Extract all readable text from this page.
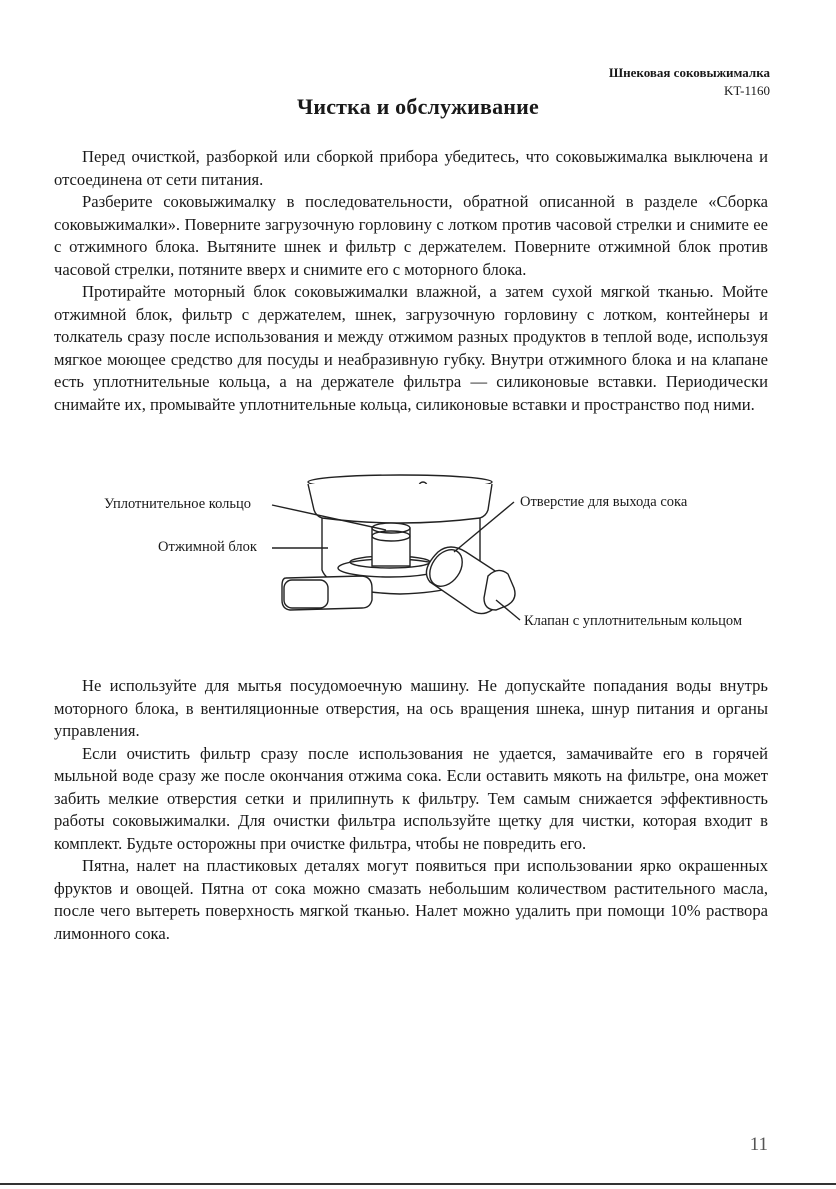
Шнековая соковыжималка
KT-1160
Чистка и обслуживание

Перед очисткой, разборкой или сборкой прибора убедитесь, что соковыжималка выключена и отсоединена от сети питания.

Разберите соковыжималку в последовательности, обратной описанной в разделе «Сборка соковыжималки». Поверните загрузочную горловину с лотком против часовой стрелки и снимите ее с отжимного блока. Вытяните шнек и фильтр с держателем. Поверните отжимной блок против часовой стрелки, потяните вверх и снимите его с моторного блока.

Протирайте моторный блок соковыжималки влажной, а затем сухой мягкой тканью. Мойте отжимной блок, фильтр с держателем, шнек, загрузочную горловину с лотком, контейнеры и толкатель сразу после использования и между отжимом разных продуктов в теплой воде, используя мягкое моющее средство для посуды и неабразивную губку. Внутри отжимного блока и на клапане есть уплотнительные кольца, а на держателе фильтра — силиконовые вставки. Периодически снимайте их, промывайте уплотнительные кольца, силиконовые вставки и пространство под ними.

Уплотнительное кольцо
Отжимной блок
Отверстие для выхода сока
Клапан с уплотнительным кольцом

Не используйте для мытья посудомоечную машину. Не допускайте попадания воды внутрь моторного блока, в вентиляционные отверстия, на ось вращения шнека, шнур питания и органы управления.

Если очистить фильтр сразу после использования не удается, замачивайте его в горячей мыльной воде сразу же после окончания отжима сока. Если оставить мякоть на фильтре, она может забить мелкие отверстия сетки и прилипнуть к фильтру. Тем самым снижается эффективность работы соковыжималки. Для очистки фильтра используйте щетку для чистки, которая входит в комплект. Будьте осторожны при очистке фильтра, чтобы не повредить его.

Пятна, налет на пластиковых деталях могут появиться при использовании ярко окрашенных фруктов и овощей. Пятна от сока можно смазать небольшим количеством растительного масла, после чего вытереть поверхность мягкой тканью. Налет можно удалить при помощи 10% раствора лимонного сока.

11
